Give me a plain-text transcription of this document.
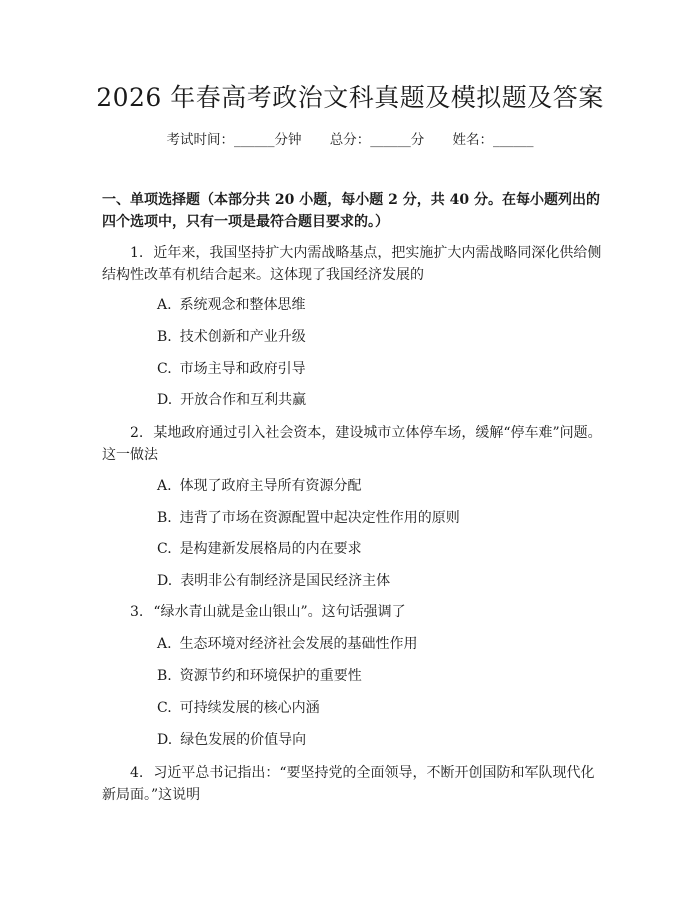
2026 年春高考政治文科真题及模拟题及答案
考试时间：______分钟 总分：______分 姓名：______
一、单项选择题（本部分共 20 小题，每小题 2 分，共 40 分。在每小题列出的四个选项中，只有一项是最符合题目要求的。）
1. 近年来，我国坚持扩大内需战略基点，把实施扩大内需战略同深化供给侧结构性改革有机结合起来。这体现了我国经济发展的
A. 系统观念和整体思维
B. 技术创新和产业升级
C. 市场主导和政府引导
D. 开放合作和互利共赢
2. 某地政府通过引入社会资本，建设城市立体停车场，缓解“停车难”问题。这一做法
A. 体现了政府主导所有资源分配
B. 违背了市场在资源配置中起决定性作用的原则
C. 是构建新发展格局的内在要求
D. 表明非公有制经济是国民经济主体
3. “绿水青山就是金山银山”。这句话强调了
A. 生态环境对经济社会发展的基础性作用
B. 资源节约和环境保护的重要性
C. 可持续发展的核心内涵
D. 绿色发展的价值导向
4. 习近平总书记指出：“要坚持党的全面领导，不断开创国防和军队现代化新局面。”这说明
